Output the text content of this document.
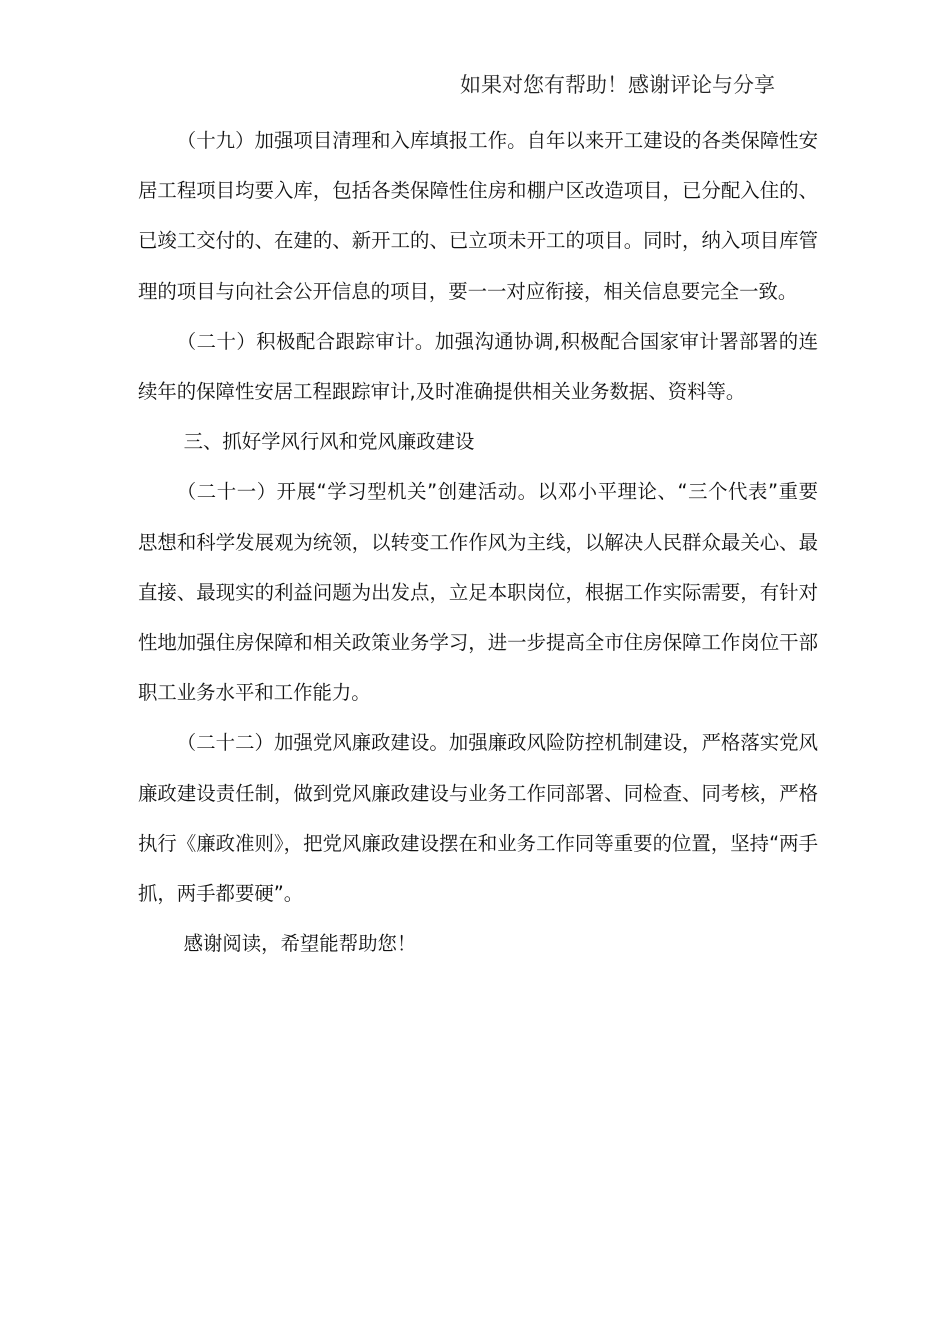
如果对您有帮助！感谢评论与分享

（十九）加强项目清理和入库填报工作。自年以来开工建设的各类保障性安居工程项目均要入库，包括各类保障性住房和棚户区改造项目，已分配入住的、已竣工交付的、在建的、新开工的、已立项未开工的项目。同时，纳入项目库管理的项目与向社会公开信息的项目，要一一对应衔接，相关信息要完全一致。

（二十）积极配合跟踪审计。加强沟通协调,积极配合国家审计署部署的连续年的保障性安居工程跟踪审计,及时准确提供相关业务数据、资料等。

三、抓好学风行风和党风廉政建设

（二十一）开展“学习型机关”创建活动。以邓小平理论、“三个代表”重要思想和科学发展观为统领，以转变工作作风为主线，以解决人民群众最关心、最直接、最现实的利益问题为出发点，立足本职岗位，根据工作实际需要，有针对性地加强住房保障和相关政策业务学习，进一步提高全市住房保障工作岗位干部职工业务水平和工作能力。

（二十二）加强党风廉政建设。加强廉政风险防控机制建设，严格落实党风廉政建设责任制，做到党风廉政建设与业务工作同部署、同检查、同考核，严格执行《廉政准则》，把党风廉政建设摆在和业务工作同等重要的位置，坚持“两手抓，两手都要硬”。

感谢阅读，希望能帮助您！
